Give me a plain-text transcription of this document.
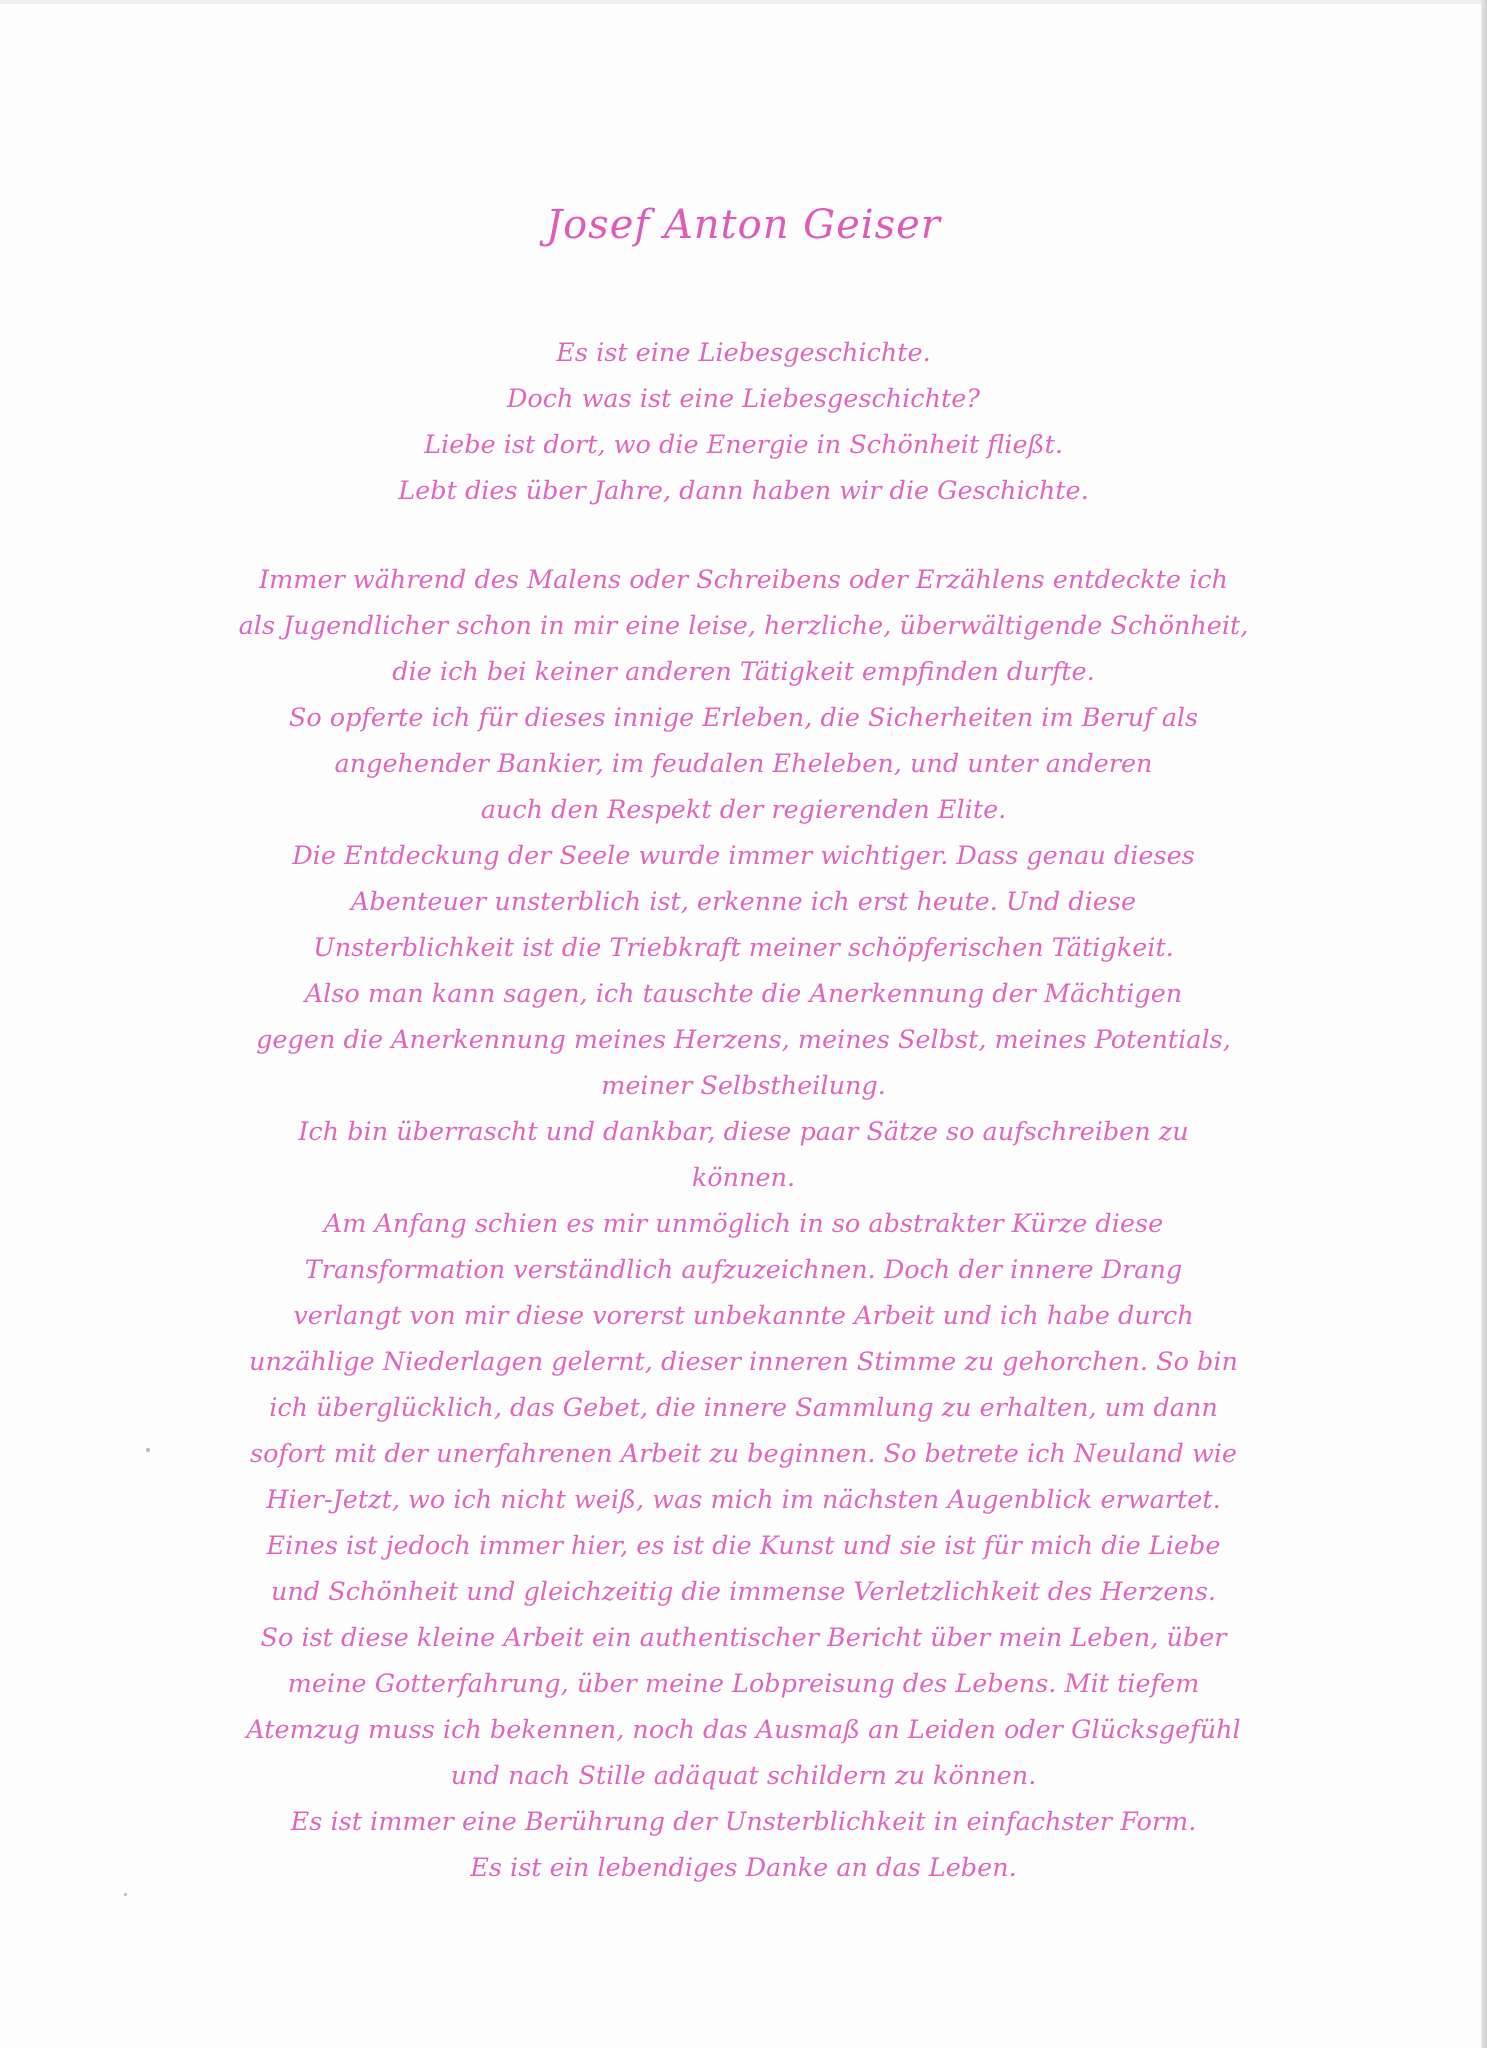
Josef Anton Geiser
Es ist eine Liebesgeschichte.
Doch was ist eine Liebesgeschichte?
Liebe ist dort, wo die Energie in Schönheit fließt.
Lebt dies über Jahre, dann haben wir die Geschichte.
Immer während des Malens oder Schreibens oder Erzählens entdeckte ich
als Jugendlicher schon in mir eine leise, herzliche, überwältigende Schönheit,
die ich bei keiner anderen Tätigkeit empfinden durfte.
So opferte ich für dieses innige Erleben, die Sicherheiten im Beruf als
angehender Bankier, im feudalen Eheleben, und unter anderen
auch den Respekt der regierenden Elite.
Die Entdeckung der Seele wurde immer wichtiger. Dass genau dieses
Abenteuer unsterblich ist, erkenne ich erst heute. Und diese
Unsterblichkeit ist die Triebkraft meiner schöpferischen Tätigkeit.
Also man kann sagen, ich tauschte die Anerkennung der Mächtigen
gegen die Anerkennung meines Herzens, meines Selbst, meines Potentials,
meiner Selbstheilung.
Ich bin überrascht und dankbar, diese paar Sätze so aufschreiben zu
können.
Am Anfang schien es mir unmöglich in so abstrakter Kürze diese
Transformation verständlich aufzuzeichnen. Doch der innere Drang
verlangt von mir diese vorerst unbekannte Arbeit und ich habe durch
unzählige Niederlagen gelernt, dieser inneren Stimme zu gehorchen. So bin
ich überglücklich, das Gebet, die innere Sammlung zu erhalten, um dann
sofort mit der unerfahrenen Arbeit zu beginnen. So betrete ich Neuland wie
Hier-Jetzt, wo ich nicht weiß, was mich im nächsten Augenblick erwartet.
Eines ist jedoch immer hier, es ist die Kunst und sie ist für mich die Liebe
und Schönheit und gleichzeitig die immense Verletzlichkeit des Herzens.
So ist diese kleine Arbeit ein authentischer Bericht über mein Leben, über
meine Gotterfahrung, über meine Lobpreisung des Lebens. Mit tiefem
Atemzug muss ich bekennen, noch das Ausmaß an Leiden oder Glücksgefühl
und nach Stille adäquat schildern zu können.
Es ist immer eine Berührung der Unsterblichkeit in einfachster Form.
Es ist ein lebendiges Danke an das Leben.
